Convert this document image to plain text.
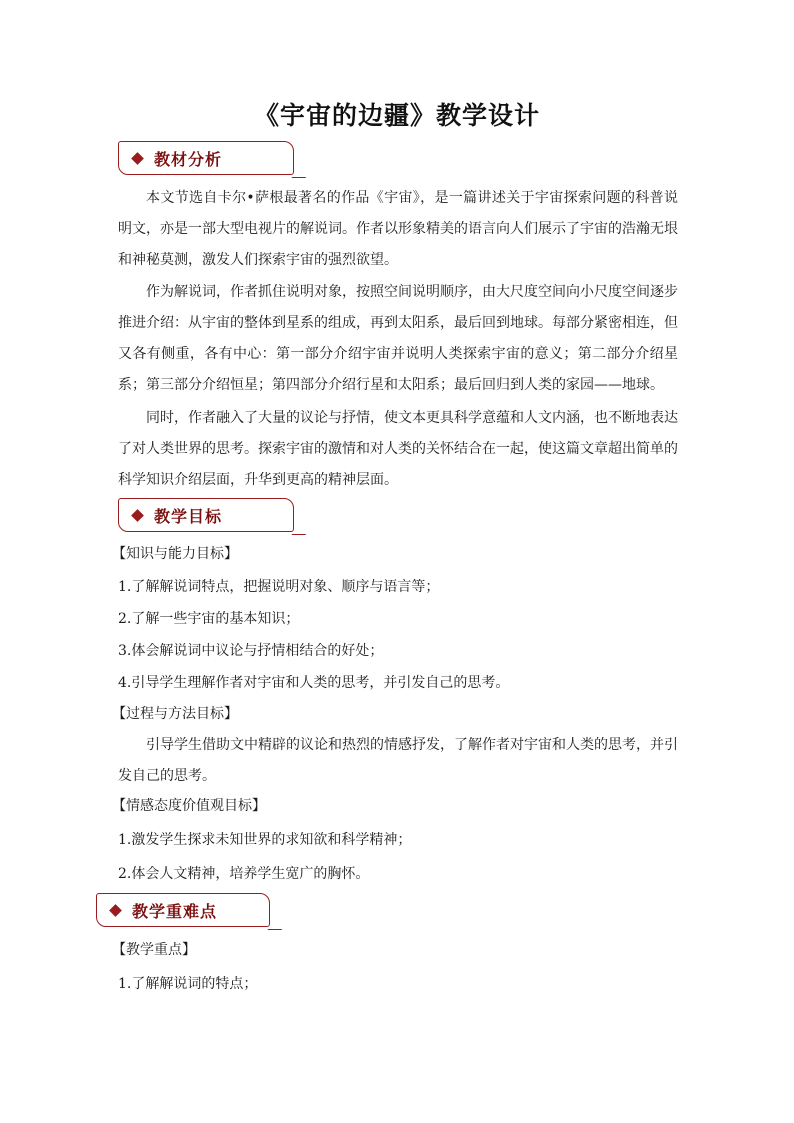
《宇宙的边疆》教学设计
教材分析

本文节选自卡尔•萨根最著名的作品《宇宙》，是一篇讲述关于宇宙探索问题的科普说明文，亦是一部大型电视片的解说词。作者以形象精美的语言向人们展示了宇宙的浩瀚无垠和神秘莫测，激发人们探索宇宙的强烈欲望。

作为解说词，作者抓住说明对象，按照空间说明顺序，由大尺度空间向小尺度空间逐步推进介绍：从宇宙的整体到星系的组成，再到太阳系，最后回到地球。每部分紧密相连，但又各有侧重，各有中心：第一部分介绍宇宙并说明人类探索宇宙的意义；第二部分介绍星系；第三部分介绍恒星；第四部分介绍行星和太阳系；最后回归到人类的家园——地球。

同时，作者融入了大量的议论与抒情，使文本更具科学意蕴和人文内涵，也不断地表达了对人类世界的思考。探索宇宙的激情和对人类的关怀结合在一起，使这篇文章超出简单的科学知识介绍层面，升华到更高的精神层面。

教学目标

【知识与能力目标】

1.了解解说词特点，把握说明对象、顺序与语言等；

2.了解一些宇宙的基本知识；

3.体会解说词中议论与抒情相结合的好处；

4.引导学生理解作者对宇宙和人类的思考，并引发自己的思考。

【过程与方法目标】

引导学生借助文中精辟的议论和热烈的情感抒发，了解作者对宇宙和人类的思考，并引发自己的思考。

【情感态度价值观目标】

1.激发学生探求未知世界的求知欲和科学精神；

2.体会人文精神，培养学生宽广的胸怀。

教学重难点

【教学重点】

1.了解解说词的特点；
